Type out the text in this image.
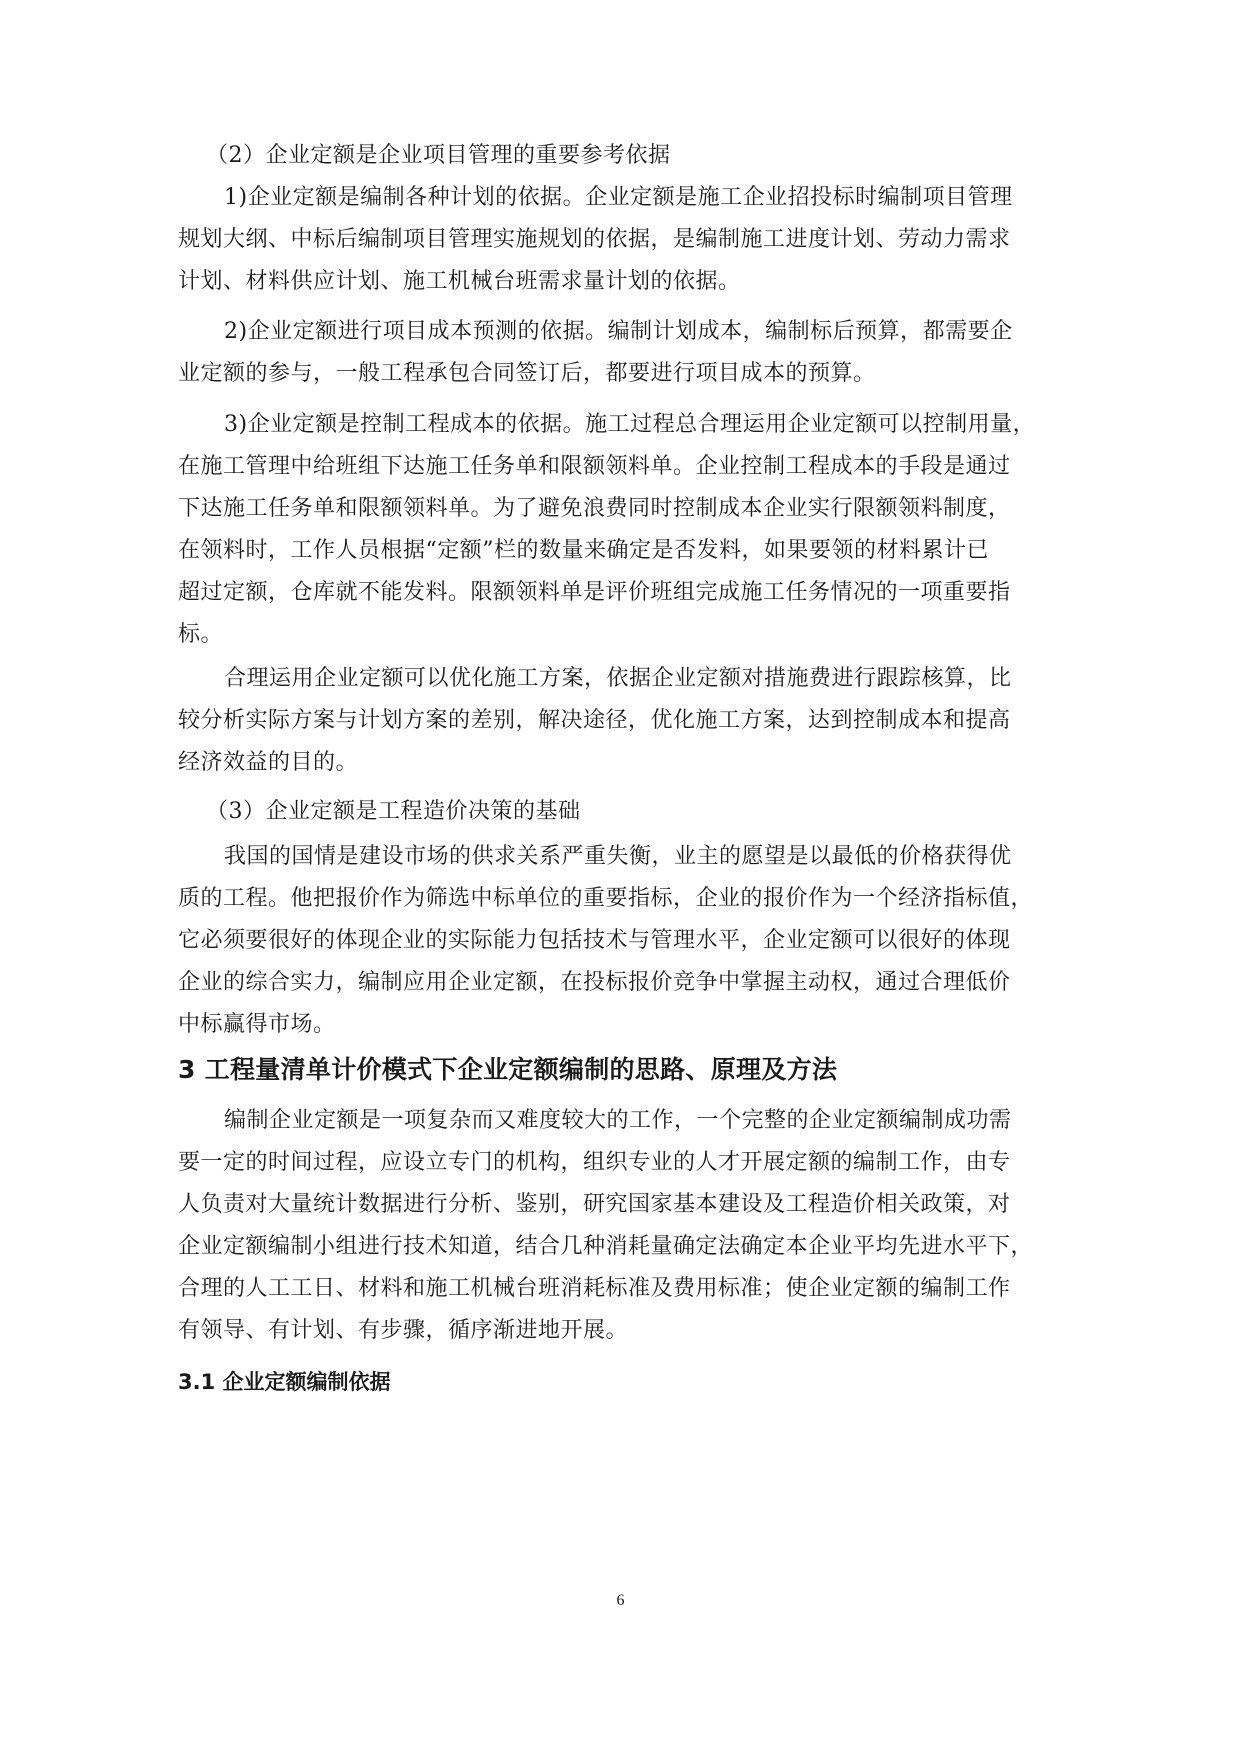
（2）企业定额是企业项目管理的重要参考依据
1)企业定额是编制各种计划的依据。企业定额是施工企业招投标时编制项目管理
规划大纲、中标后编制项目管理实施规划的依据，是编制施工进度计划、劳动力需求
计划、材料供应计划、施工机械台班需求量计划的依据。
2)企业定额进行项目成本预测的依据。编制计划成本，编制标后预算，都需要企
业定额的参与，一般工程承包合同签订后，都要进行项目成本的预算。
3)企业定额是控制工程成本的依据。施工过程总合理运用企业定额可以控制用量，
在施工管理中给班组下达施工任务单和限额领料单。企业控制工程成本的手段是通过
下达施工任务单和限额领料单。为了避免浪费同时控制成本企业实行限额领料制度，
在领料时，工作人员根据“定额”栏的数量来确定是否发料，如果要领的材料累计已
超过定额，仓库就不能发料。限额领料单是评价班组完成施工任务情况的一项重要指
标。
合理运用企业定额可以优化施工方案，依据企业定额对措施费进行跟踪核算，比
较分析实际方案与计划方案的差别，解决途径，优化施工方案，达到控制成本和提高
经济效益的目的。
（3）企业定额是工程造价决策的基础
我国的国情是建设市场的供求关系严重失衡，业主的愿望是以最低的价格获得优
质的工程。他把报价作为筛选中标单位的重要指标，企业的报价作为一个经济指标值，
它必须要很好的体现企业的实际能力包括技术与管理水平，企业定额可以很好的体现
企业的综合实力，编制应用企业定额，在投标报价竞争中掌握主动权，通过合理低价
中标赢得市场。
3 工程量清单计价模式下企业定额编制的思路、原理及方法
编制企业定额是一项复杂而又难度较大的工作，一个完整的企业定额编制成功需
要一定的时间过程，应设立专门的机构，组织专业的人才开展定额的编制工作，由专
人负责对大量统计数据进行分析、鉴别，研究国家基本建设及工程造价相关政策，对
企业定额编制小组进行技术知道，结合几种消耗量确定法确定本企业平均先进水平下，
合理的人工工日、材料和施工机械台班消耗标准及费用标准；使企业定额的编制工作
有领导、有计划、有步骤，循序渐进地开展。
3.1 企业定额编制依据
6
